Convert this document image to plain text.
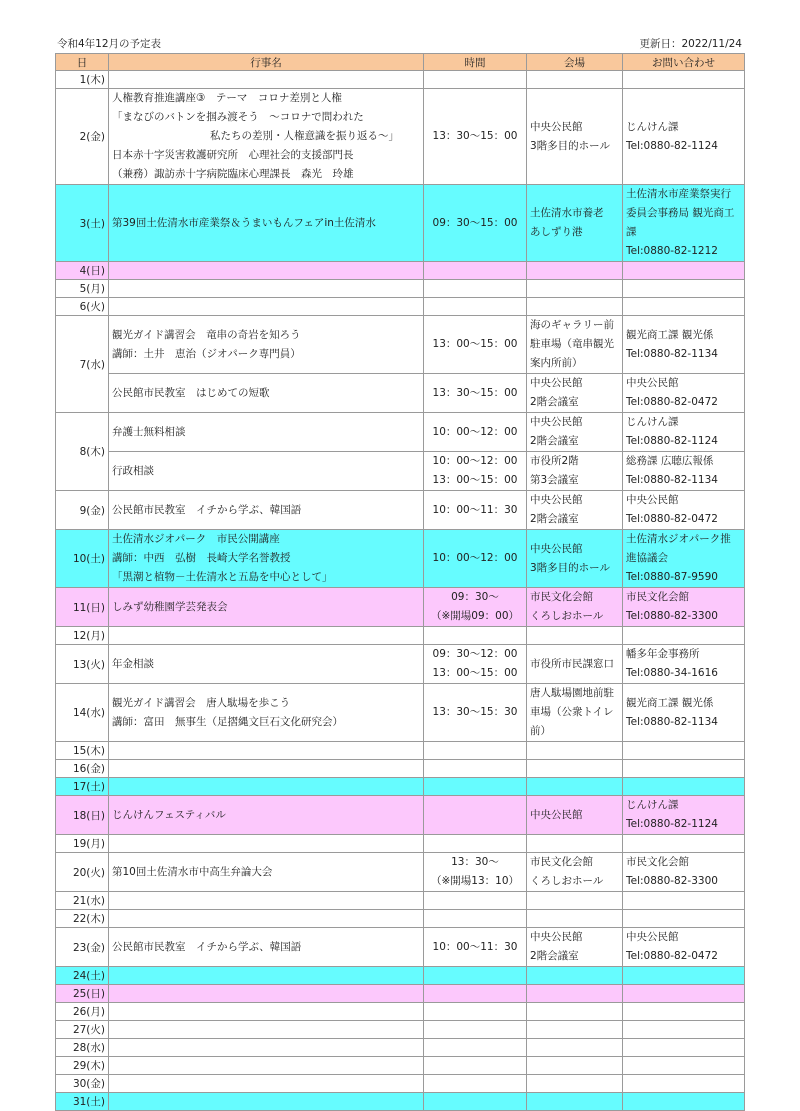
令和4年12月の予定表	更新日：2022/11/24
日	行事名	時間	会場	お問い合わせ
1(木)				
2(金)	人権教育推進講座③　テーマ　コロナ差別と人権
「まなびのバトンを掴み渡そう　～コロナで問われた
私たちの差別・人権意識を振り返る～」
日本赤十字災害救護研究所　心理社会的支援部門長
（兼務）諏訪赤十字病院臨床心理課長　森光　玲雄	13：30～15：00	中央公民館
3階多目的ホール	じんけん課
Tel:0880-82-1124

3(土)	第39回土佐清水市産業祭＆うまいもんフェアin土佐清水	09：30～15：00	土佐清水市養老
あしずり港	土佐清水市産業祭実行
委員会事務局 観光商工
課
Tel:0880-82-1212

4(日)				
5(月)				
6(火)				
7(水)	観光ガイド講習会　竜串の奇岩を知ろう
講師：土井　恵治（ジオパーク専門員）	13：00～15：00	海のギャラリー前
駐車場（竜串観光
案内所前）	観光商工課 観光係
Tel:0880-82-1134

	公民館市民教室　はじめての短歌	13：30～15：00	中央公民館
2階会議室	中央公民館
Tel:0880-82-0472

8(木)	弁護士無料相談	10：00～12：00	中央公民館
2階会議室	じんけん課
Tel:0880-82-1124

	行政相談	10：00～12：00
13：00～15：00	市役所2階
第3会議室	総務課 広聴広報係
Tel:0880-82-1134

9(金)	公民館市民教室　イチから学ぶ、韓国語	10：00～11：30	中央公民館
2階会議室	中央公民館
Tel:0880-82-0472

10(土)	土佐清水ジオパーク　市民公開講座
講師：中西　弘樹　長崎大学名誉教授
「黒潮と植物－土佐清水と五島を中心として」	10：00～12：00	中央公民館
3階多目的ホール	土佐清水ジオパーク推
進協議会
Tel:0880-87-9590

11(日)	しみず幼稚園学芸発表会	09：30～
（※開場09：00）	市民文化会館
くろしおホール	市民文化会館
Tel:0880-82-3300

12(月)				
13(火)	年金相談	09：30～12：00
13：00～15：00	市役所市民課窓口	幡多年金事務所
Tel:0880-34-1616

14(水)	観光ガイド講習会　唐人駄場を歩こう
講師：富田　無事生（足摺縄文巨石文化研究会）	13：30～15：30	唐人駄場園地前駐
車場（公衆トイレ
前）	観光商工課 観光係
Tel:0880-82-1134

15(木)				
16(金)				
17(土)				
18(日)	じんけんフェスティバル		中央公民館	じんけん課
Tel:0880-82-1124

19(月)				
20(火)	第10回土佐清水市中高生弁論大会	13：30～
（※開場13：10）	市民文化会館
くろしおホール	市民文化会館
Tel:0880-82-3300

21(水)				
22(木)				
23(金)	公民館市民教室　イチから学ぶ、韓国語	10：00～11：30	中央公民館
2階会議室	中央公民館
Tel:0880-82-0472

24(土)				
25(日)				
26(月)				
27(火)				
28(水)				
29(木)				
30(金)				
31(土)				
